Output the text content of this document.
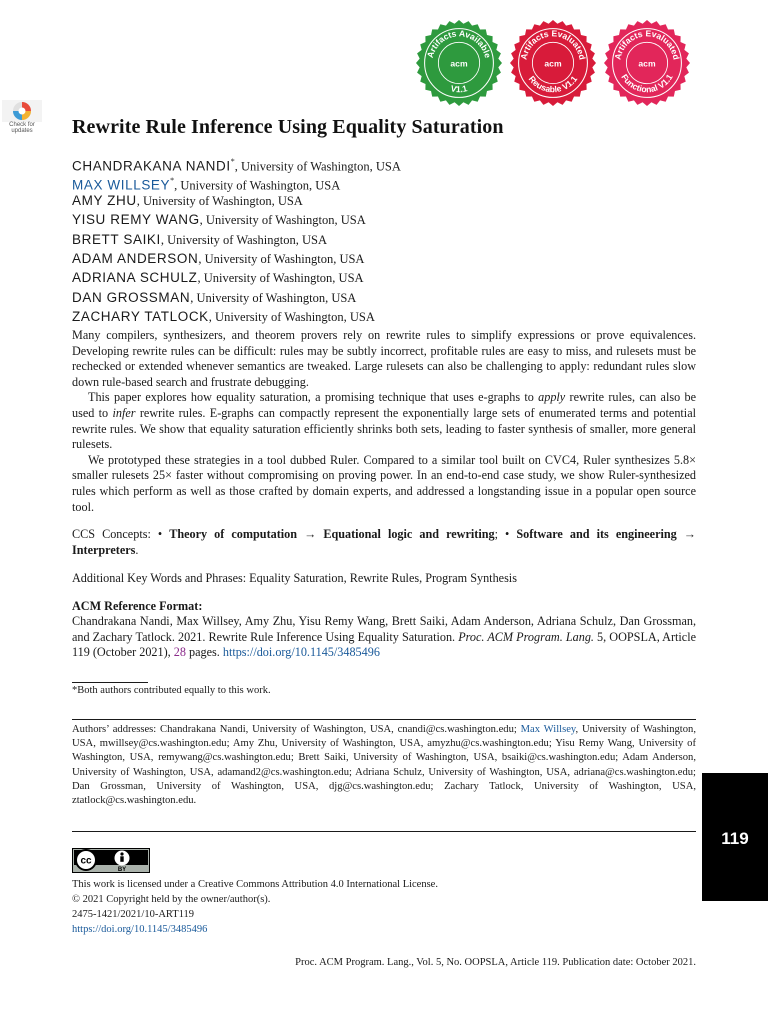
Artifacts Available
V1.1
acm
Artifacts Evaluated
Reusable V1.1
acm
Artifacts Evaluated
Functional V1.1
acm
Check for updates	Rewrite Rule Inference Using Equality Saturation
CHANDRAKANA NANDI*, University of Washington, USA
MAX WILLSEY*, University of Washington, USA
AMY ZHU, University of Washington, USA
YISU REMY WANG, University of Washington, USA
BRETT SAIKI, University of Washington, USA
ADAM ANDERSON, University of Washington, USA
ADRIANA SCHULZ, University of Washington, USA
DAN GROSSMAN, University of Washington, USA
ZACHARY TATLOCK, University of Washington, USA

Many compilers, synthesizers, and theorem provers rely on rewrite rules to simplify expressions or prove equivalences. Developing rewrite rules can be difficult: rules may be subtly incorrect, profitable rules are easy to miss, and rulesets must be rechecked or extended whenever semantics are tweaked. Large rulesets can also be challenging to apply: redundant rules slow down rule-based search and frustrate debugging.

This paper explores how equality saturation, a promising technique that uses e-graphs to apply rewrite rules, can also be used to infer rewrite rules. E-graphs can compactly represent the exponentially large sets of enumerated terms and potential rewrite rules. We show that equality saturation efficiently shrinks both sets, leading to faster synthesis of smaller, more general rulesets.

We prototyped these strategies in a tool dubbed Ruler. Compared to a similar tool built on CVC4, Ruler synthesizes 5.8× smaller rulesets 25× faster without compromising on proving power. In an end-to-end case study, we show Ruler-synthesized rules which perform as well as those crafted by domain experts, and addressed a longstanding issue in a popular open source tool.

CCS Concepts: • Theory of computation → Equational logic and rewriting; • Software and its engineering → Interpreters.
Additional Key Words and Phrases: Equality Saturation, Rewrite Rules, Program Synthesis
ACM Reference Format:
Chandrakana Nandi, Max Willsey, Amy Zhu, Yisu Remy Wang, Brett Saiki, Adam Anderson, Adriana Schulz, Dan Grossman, and Zachary Tatlock. 2021. Rewrite Rule Inference Using Equality Saturation. Proc. ACM Program. Lang. 5, OOPSLA, Article 119 (October 2021), 28 pages. https://doi.org/10.1145/3485496
*Both authors contributed equally to this work.
Authors’ addresses: Chandrakana Nandi, University of Washington, USA, cnandi@cs.washington.edu; Max Willsey, University of Washington, USA, mwillsey@cs.washington.edu; Amy Zhu, University of Washington, USA, amyzhu@cs.washington.edu; Yisu Remy Wang, University of Washington, USA, remywang@cs.washington.edu; Brett Saiki, University of Washington, USA, bsaiki@cs.washington.edu; Adam Anderson, University of Washington, USA, adamand2@cs.washington.edu; Adriana Schulz, University of Washington, USA, adriana@cs.washington.edu; Dan Grossman, University of Washington, USA, djg@cs.washington.edu; Zachary Tatlock, University of Washington, USA, ztatlock@cs.washington.edu.
cc
BY
This work is licensed under a Creative Commons Attribution 4.0 International License.
© 2021 Copyright held by the owner/author(s).
2475-1421/2021/10-ART119
https://doi.org/10.1145/3485496
Proc. ACM Program. Lang., Vol. 5, No. OOPSLA, Article 119. Publication date: October 2021.
119
